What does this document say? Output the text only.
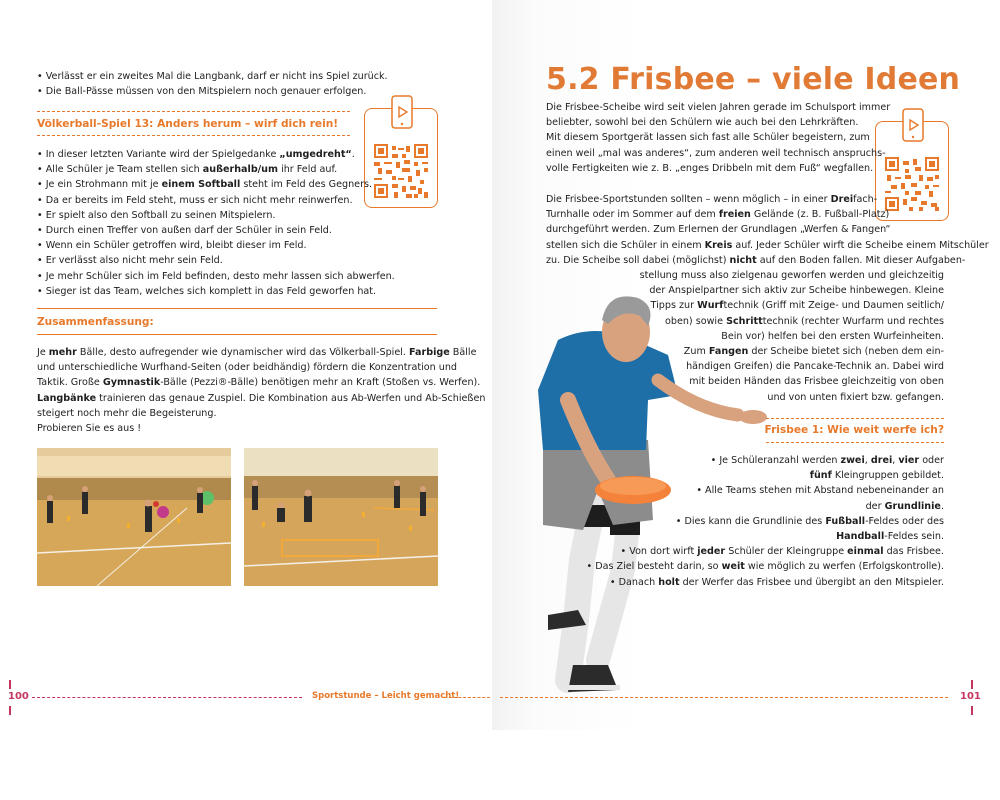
• Verlässt er ein zweites Mal die Langbank, darf er nicht ins Spiel zurück.
• Die Ball-Pässe müssen von den Mitspielern noch genauer erfolgen.
Völkerball-Spiel 13: Anders herum – wirf dich rein!
• In dieser letzten Variante wird der Spielgedanke „umgedreht“.
• Alle Schüler je Team stellen sich außerhalb/um ihr Feld auf.
• Je ein Strohmann mit je einem Softball steht im Feld des Gegners.
• Da er bereits im Feld steht, muss er sich nicht mehr reinwerfen.
• Er spielt also den Softball zu seinen Mitspielern.
• Durch einen Treffer von außen darf der Schüler in sein Feld.
• Wenn ein Schüler getroffen wird, bleibt dieser im Feld.
• Er verlässt also nicht mehr sein Feld.
• Je mehr Schüler sich im Feld befinden, desto mehr lassen sich abwerfen.
• Sieger ist das Team, welches sich komplett in das Feld geworfen hat.
Zusammenfassung:
Je mehr Bälle, desto aufregender wie dynamischer wird das Völkerball-Spiel. Farbige Bälle
und unterschiedliche Wurfhand-Seiten (oder beidhändig) fördern die Konzentration und
Taktik. Große Gymnastik-Bälle (Pezzi®-Bälle) benötigen mehr an Kraft (Stoßen vs. Werfen).
Langbänke trainieren das genaue Zuspiel. Die Kombination aus Ab-Werfen und Ab-Schießen
steigert noch mehr die Begeisterung.
Probieren Sie es aus !
100	Sportstunde – Leicht gemacht!
5.2 Frisbee – viele Ideen
Frisbee 1: Wie weit werfe ich?
101
Die Frisbee-Scheibe wird seit vielen Jahren gerade im Schulsport immer
beliebter, sowohl bei den Schülern wie auch bei den Lehrkräften.
Mit diesem Sportgerät lassen sich fast alle Schüler begeistern, zum
einen weil „mal was anderes“, zum anderen weil technisch anspruchs-
volle Fertigkeiten wie z. B. „enges Dribbeln mit dem Fuß“ wegfallen.
Die Frisbee-Sportstunden sollten – wenn möglich – in einer Dreifach-
Turnhalle oder im Sommer auf dem freien Gelände (z. B. Fußball-Platz)
durchgeführt werden. Zum Erlernen der Grundlagen „Werfen & Fangen“
stellen sich die Schüler in einem Kreis auf. Jeder Schüler wirft die Scheibe einem Mitschüler
zu. Die Scheibe soll dabei (möglichst) nicht auf den Boden fallen. Mit dieser Aufgaben-
stellung muss also zielgenau geworfen werden und gleichzeitig
der Anspielpartner sich aktiv zur Scheibe hinbewegen. Kleine
Tipps zur Wurftechnik (Griff mit Zeige- und Daumen seitlich/
oben) sowie Schritttechnik (rechter Wurfarm und rechtes
Bein vor) helfen bei den ersten Wurfeinheiten.
Zum Fangen der Scheibe bietet sich (neben dem ein-
händigen Greifen) die Pancake-Technik an. Dabei wird
mit beiden Händen das Frisbee gleichzeitig von oben
und von unten fixiert bzw. gefangen.
• Je Schüleranzahl werden zwei, drei, vier oder
fünf Kleingruppen gebildet.
• Alle Teams stehen mit Abstand nebeneinander an
der Grundlinie.
• Dies kann die Grundlinie des Fußball-Feldes oder des
Handball-Feldes sein.
• Von dort wirft jeder Schüler der Kleingruppe einmal das Frisbee.
• Das Ziel besteht darin, so weit wie möglich zu werfen (Erfolgskontrolle).
• Danach holt der Werfer das Frisbee und übergibt an den Mitspieler.
